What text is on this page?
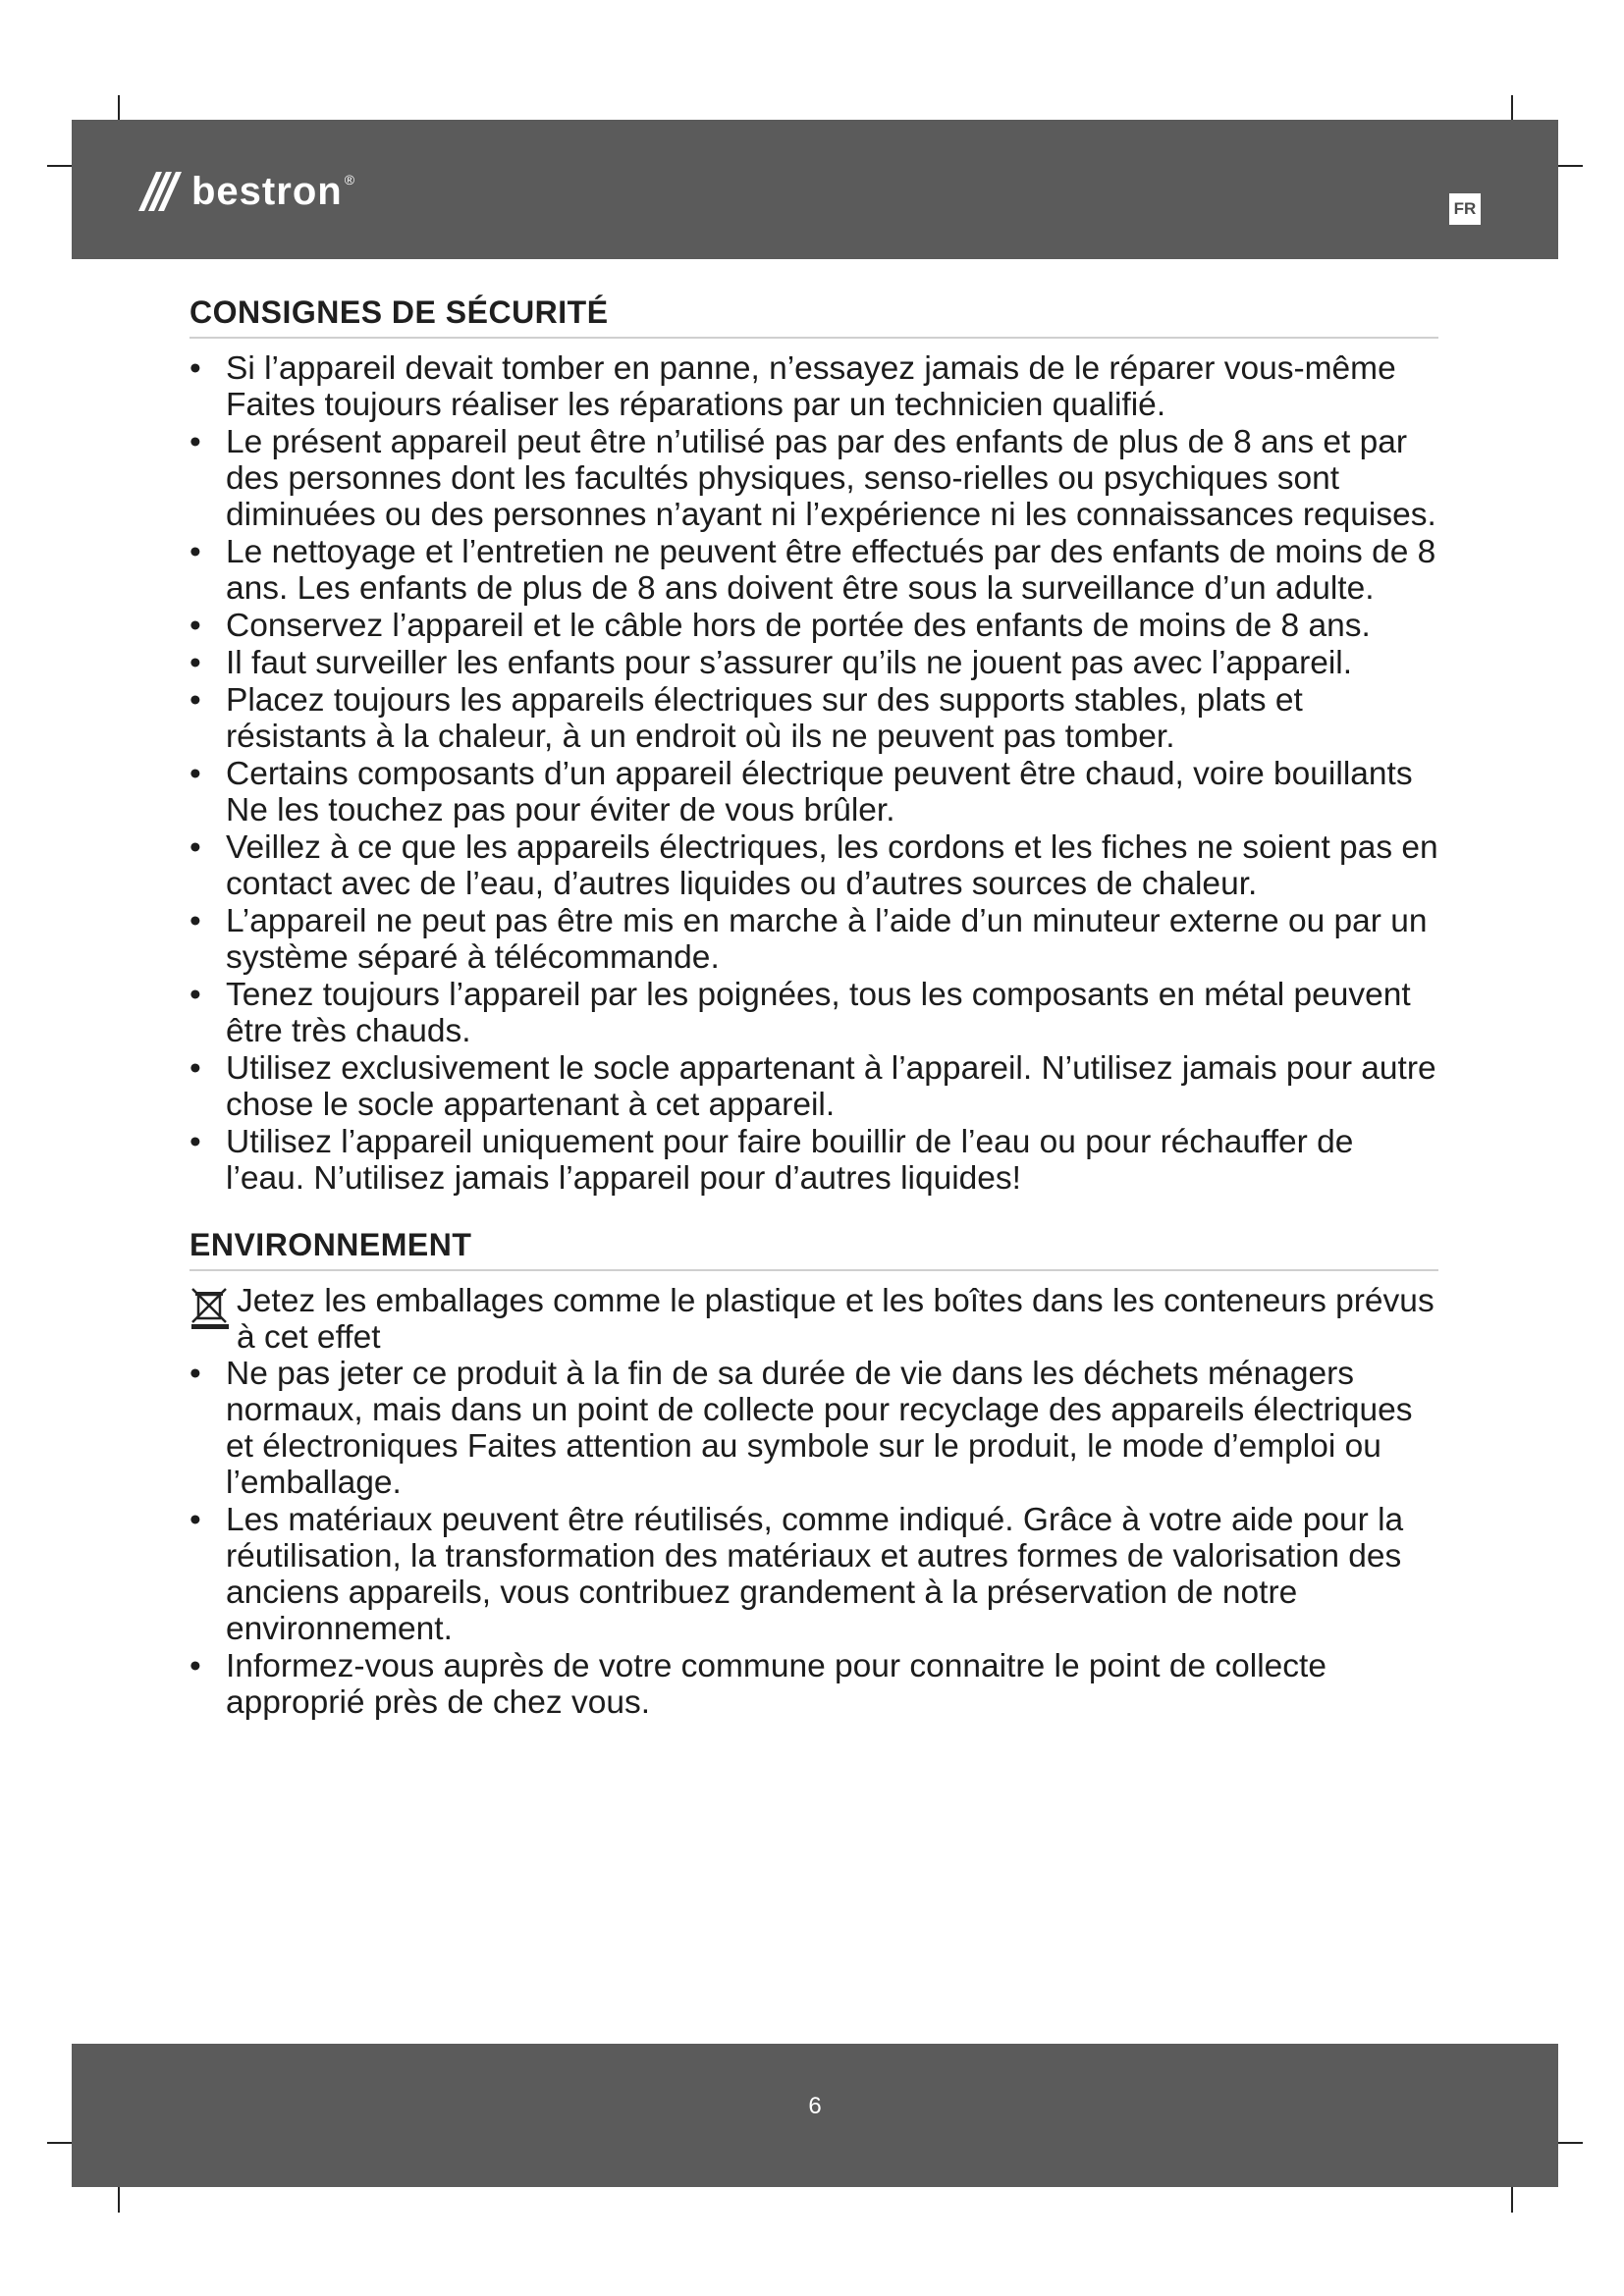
bestron ®
FR
CONSIGNES DE SÉCURITÉ
• Si l’appareil devait tomber en panne, n’essayez jamais de le réparer vous-même Faites toujours réaliser les réparations par un technicien qualifié.
• Le présent appareil peut être n’utilisé pas par des enfants de plus de 8 ans et par des personnes dont les facultés physiques, senso-rielles ou psychiques sont diminuées ou des personnes n’ayant ni l’expérience ni les connaissances requises.
• Le nettoyage et l’entretien ne peuvent être effectués par des enfants de moins de 8 ans. Les enfants de plus de 8 ans doivent être sous la surveillance d’un adulte.
• Conservez l’appareil et le câble hors de portée des enfants de moins de 8 ans.
• Il faut surveiller les enfants pour s’assurer qu’ils ne jouent pas avec l’appareil.
• Placez toujours les appareils électriques sur des supports stables, plats et résistants à la chaleur, à un endroit où ils ne peuvent pas tomber.
• Certains composants d’un appareil électrique peuvent être chaud, voire bouillants Ne les touchez pas pour éviter de vous brûler.
• Veillez à ce que les appareils électriques, les cordons et les fiches ne soient pas en contact avec de l’eau, d’autres liquides ou d’autres sources de chaleur.
• L’appareil ne peut pas être mis en marche à l’aide d’un minuteur externe ou par un système séparé à télécommande.
• Tenez toujours l’appareil par les poignées, tous les composants en métal peuvent être très chauds.
• Utilisez exclusivement le socle appartenant à l’appareil. N’utilisez jamais pour autre chose le socle appartenant à cet appareil.
• Utilisez l’appareil uniquement pour faire bouillir de l’eau ou pour réchauffer de l’eau. N’utilisez jamais l’appareil pour d’autres liquides!
ENVIRONNEMENT
Jetez les emballages comme le plastique et les boîtes dans les conteneurs prévus à cet effet
• Ne pas jeter ce produit à la fin de sa durée de vie dans les déchets ménagers normaux, mais dans un point de collecte pour recyclage des appareils électriques et électroniques Faites attention au symbole sur le produit, le mode d’emploi ou l’emballage.
• Les matériaux peuvent être réutilisés, comme indiqué. Grâce à votre aide pour la réutilisation, la transformation des matériaux et autres formes de valorisation des anciens appareils, vous contribuez grandement à la préservation de notre environnement.
• Informez-vous auprès de votre commune pour connaitre le point de collecte approprié près de chez vous.
6
